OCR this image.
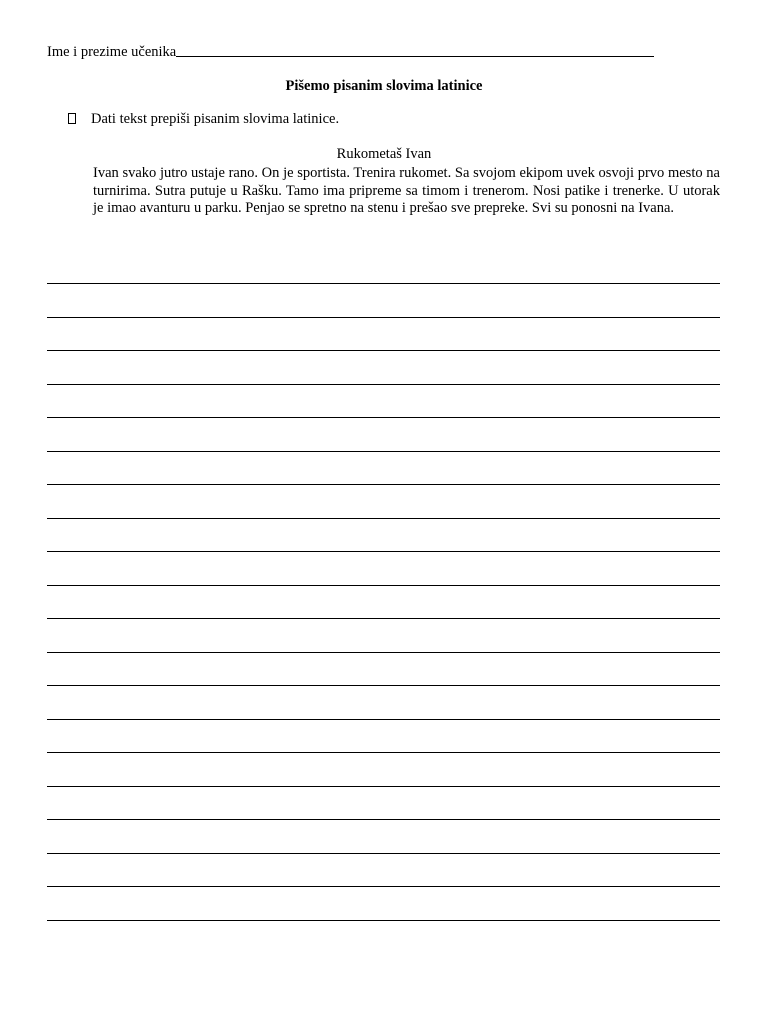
Ime i prezime učenika
Pišemo pisanim slovima latinice
Dati tekst prepiši pisanim slovima latinice.
Rukometaš Ivan
Ivan svako jutro ustaje rano. On je sportista. Trenira rukomet. Sa svojom ekipom uvek osvoji prvo mesto na turnirima. Sutra putuje u Rašku. Tamo ima pripreme sa timom i trenerom. Nosi patike i trenerke. U utorak je imao avanturu u parku. Penjao se spretno na stenu i prešao sve prepreke. Svi su ponosni na Ivana.
